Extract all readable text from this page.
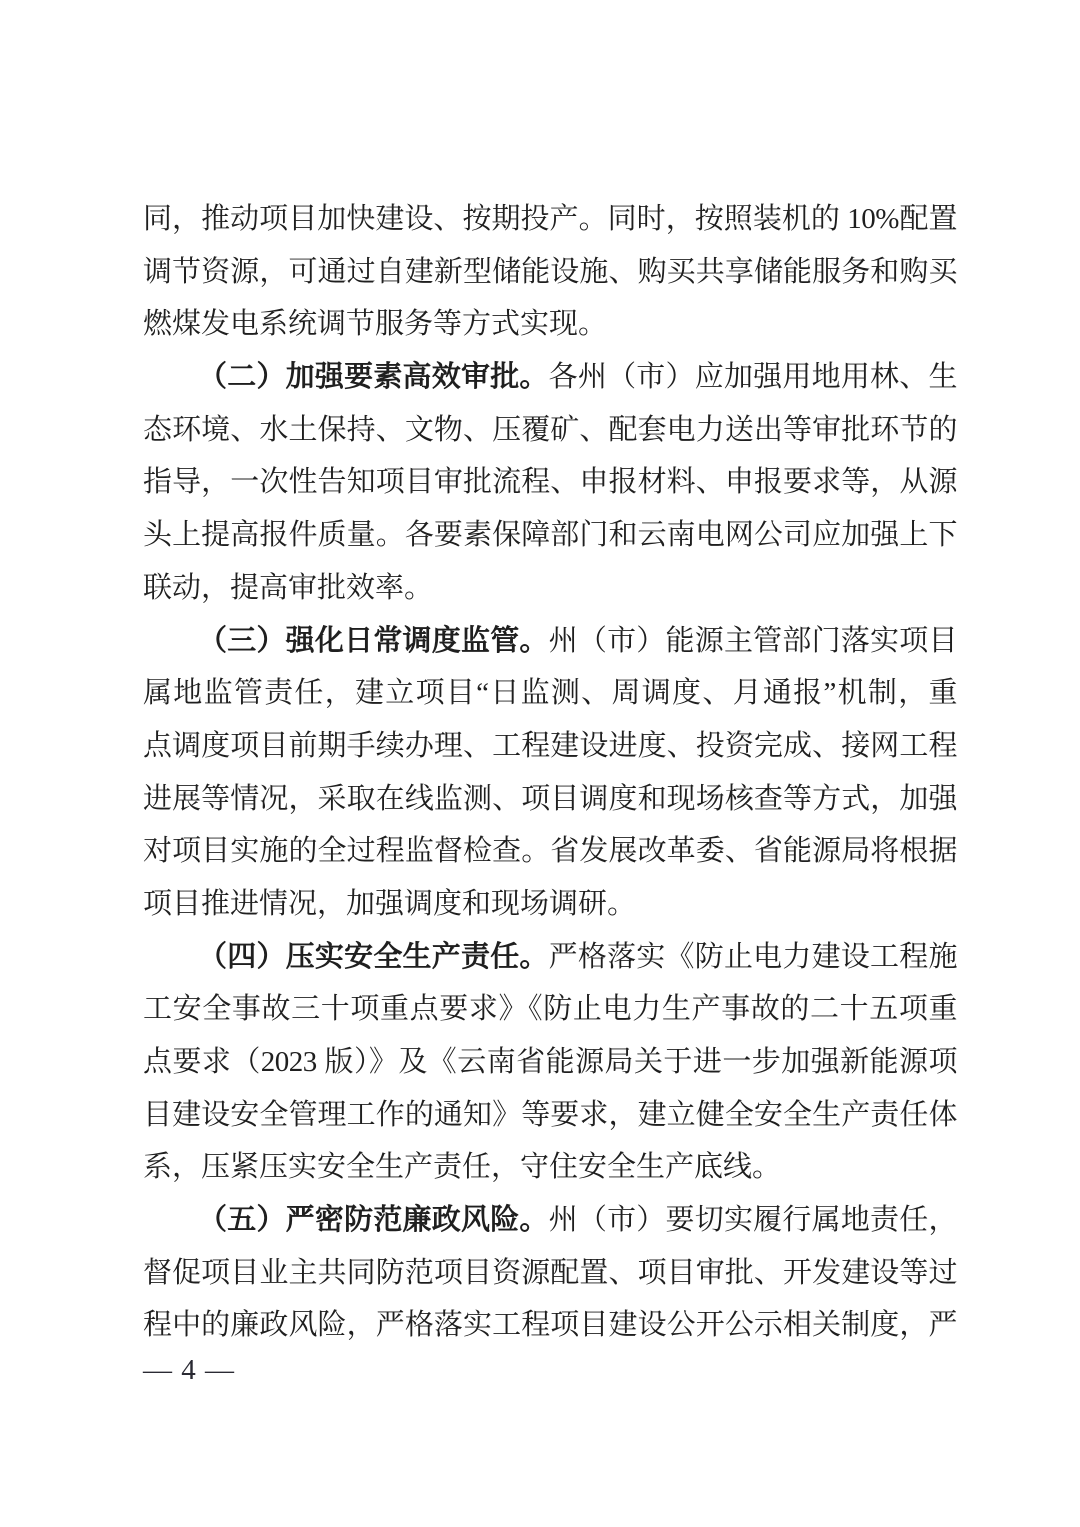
同，推动项目加快建设、按期投产。同时，按照装机的 10%配置
调节资源，可通过自建新型储能设施、购买共享储能服务和购买
燃煤发电系统调节服务等方式实现。
（二）加强要素高效审批。各州（市）应加强用地用林、生
态环境、水土保持、文物、压覆矿、配套电力送出等审批环节的
指导，一次性告知项目审批流程、申报材料、申报要求等，从源
头上提高报件质量。各要素保障部门和云南电网公司应加强上下
联动，提高审批效率。
（三）强化日常调度监管。州（市）能源主管部门落实项目
属地监管责任，建立项目“日监测、周调度、月通报”机制，重
点调度项目前期手续办理、工程建设进度、投资完成、接网工程
进展等情况，采取在线监测、项目调度和现场核查等方式，加强
对项目实施的全过程监督检查。省发展改革委、省能源局将根据
项目推进情况，加强调度和现场调研。
（四）压实安全生产责任。严格落实《防止电力建设工程施
工安全事故三十项重点要求》《防止电力生产事故的二十五项重
点要求（2023 版）》及《云南省能源局关于进一步加强新能源项
目建设安全管理工作的通知》等要求，建立健全安全生产责任体
系，压紧压实安全生产责任，守住安全生产底线。
（五）严密防范廉政风险。州（市）要切实履行属地责任，
督促项目业主共同防范项目资源配置、项目审批、开发建设等过
程中的廉政风险，严格落实工程项目建设公开公示相关制度，严
— 4 —
